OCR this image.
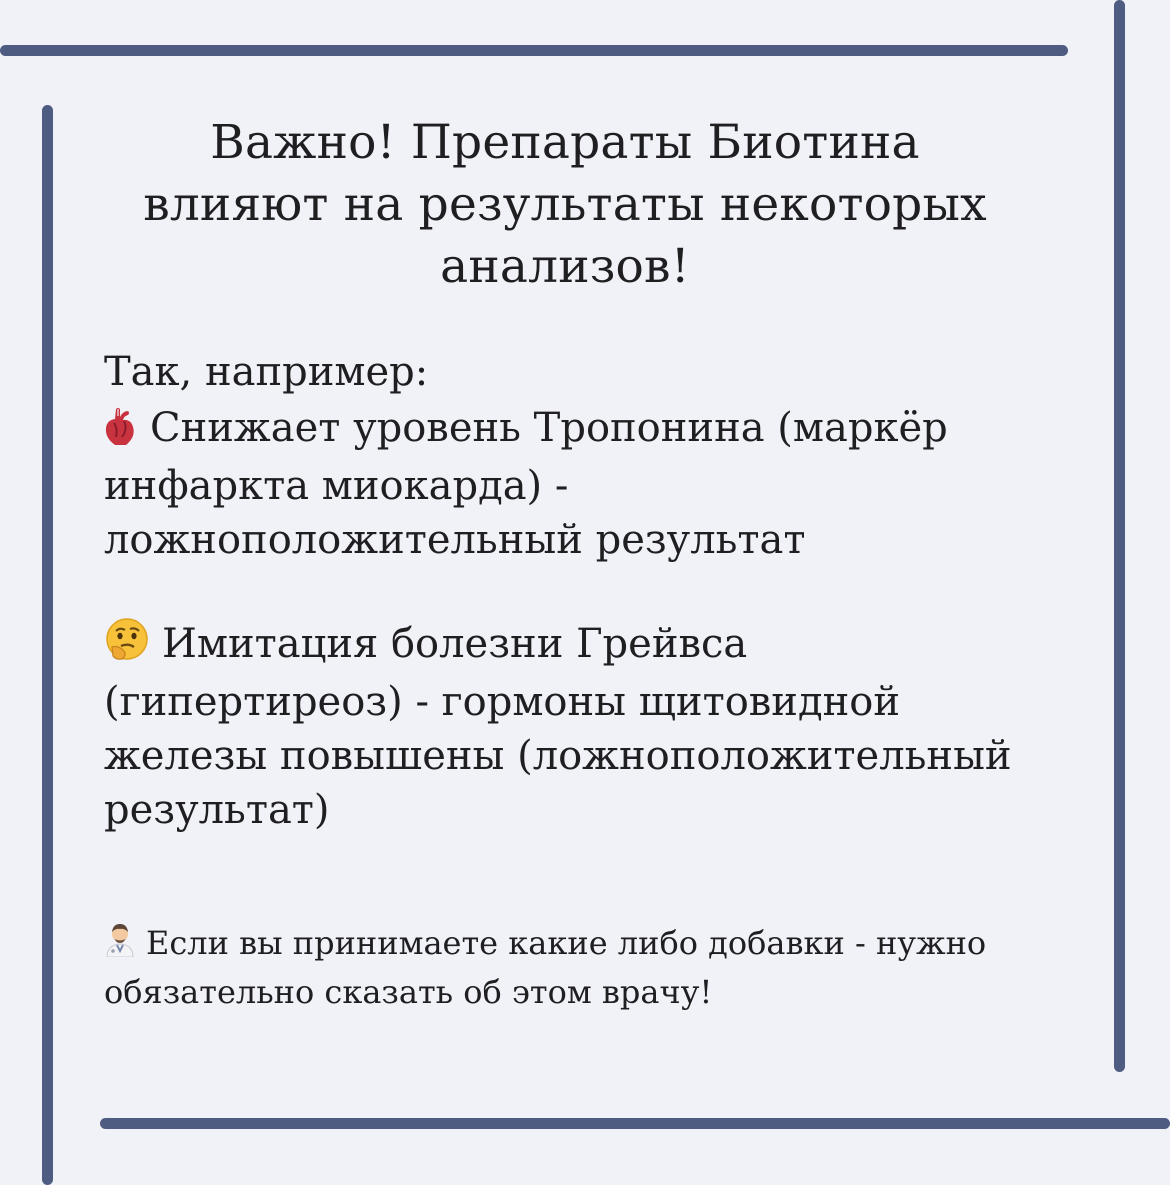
Важно! Препараты Биотина
влияют на результаты некоторых
анализов!
Так, например:
Снижает уровень Тропонина (маркёр
инфаркта миокарда) -
ложноположительный результат
Имитация болезни Грейвса
(гипертиреоз) - гормоны щитовидной
железы повышены (ложноположительный
результат)
Если вы принимаете какие либо добавки - нужно
обязательно сказать об этом врачу!
